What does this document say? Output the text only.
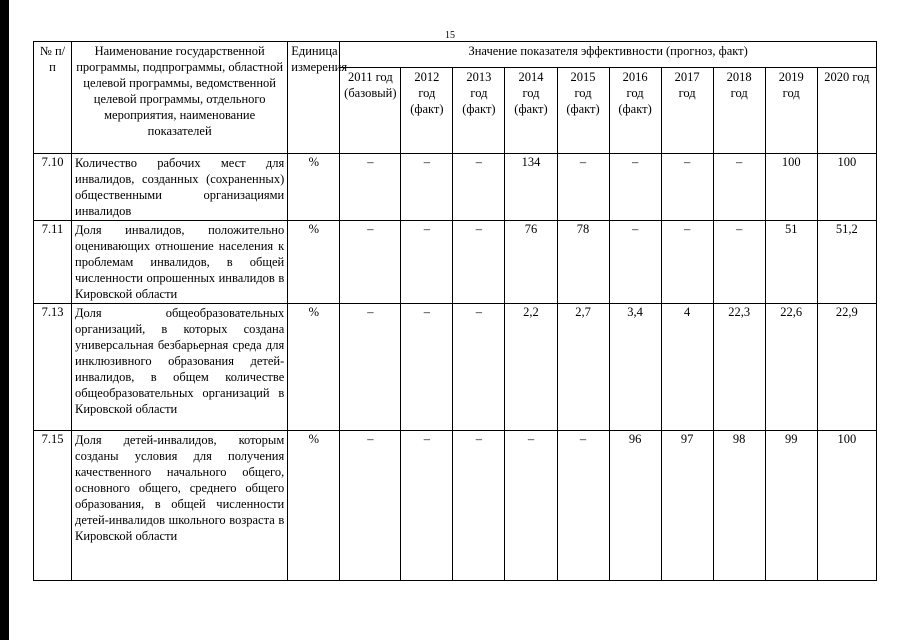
15
№ п/п	Наименование государственной программы, подпрограммы, областной целевой программы, ведомственной целевой программы, отдельного мероприятия, наименование показателей	Единица измерения	Значение показателя эффективности (прогноз, факт)									
			2011 год (базовый)	2012 год (факт)	2013 год (факт)	2014 год (факт)	2015 год (факт)	2016 год (факт)	2017 год	2018 год	2019 год	2020 год
7.10	Количество рабочих мест для инвалидов, созданных (сохраненных) общественными организациями инвалидов	%	–	–	–	134	–	–	–	–	100	100
7.11	Доля инвалидов, положительно оценивающих отношение населения к проблемам инвалидов, в общей численности опрошенных инвалидов в Кировской области	%	–	–	–	76	78	–	–	–	51	51,2
7.13	Доля общеобразовательных организаций, в которых создана универсальная безбарьерная среда для инклюзивного образования детей-инвалидов, в общем количестве общеобразовательных организаций в Кировской области	%	–	–	–	2,2	2,7	3,4	4	22,3	22,6	22,9
7.15	Доля детей-инвалидов, которым созданы условия для получения качественного начального общего, основного общего, среднего общего образования, в общей численности детей-инвалидов школьного возраста в Кировской области	%	–	–	–	–	–	96	97	98	99	100
